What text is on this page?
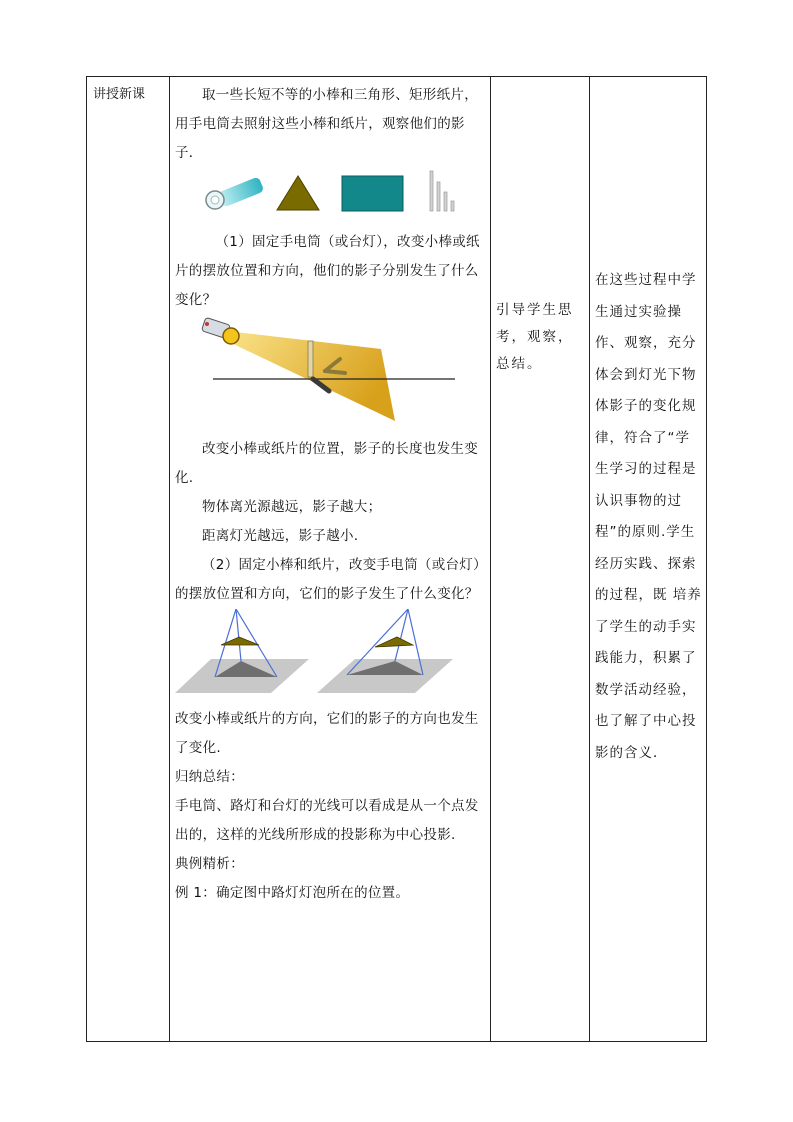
讲授新课	取一些长短不等的小棒和三角形、矩形纸片，用手电筒去照射这些小棒和纸片，观察他们的影子．

（1）固定手电筒（或台灯），改变小棒或纸片的摆放位置和方向，他们的影子分别发生了什么变化？

改变小棒或纸片的位置，影子的长度也发生变化.

物体离光源越远，影子越大；

距离灯光越远，影子越小.

（2）固定小棒和纸片，改变手电筒（或台灯）的摆放位置和方向，它们的影子发生了什么变化？

改变小棒或纸片的方向，它们的影子的方向也发生了变化.

归纳总结：

手电筒、路灯和台灯的光线可以看成是从一个点发出的，这样的光线所形成的投影称为中心投影.

典例精析：

例 1：确定图中路灯灯泡所在的位置。

引导学生思考，观察，总结。

在这些过程中学生通过实验操作、观察，充分体会到灯光下物体影子的变化规律，符合了“学生学习的过程是认识事物的过程”的原则.学生经历实践、探索的过程，既 培养了学生的动手实践能力，积累了数学活动经验，也了解了中心投影的含义．
